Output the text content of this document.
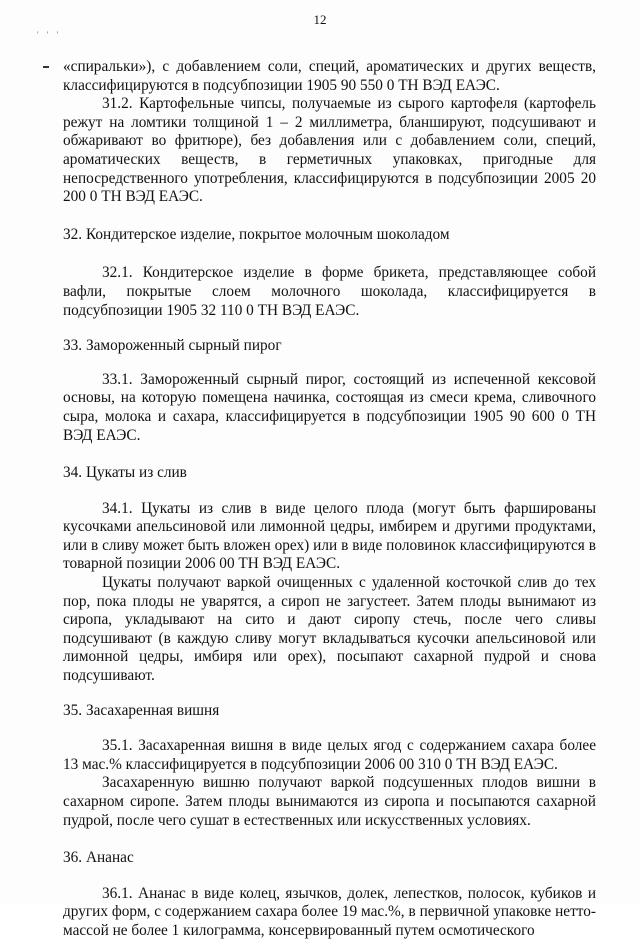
12
' ' '

«спиральки»), с добавлением соли, специй, ароматических и других веществ, классифицируются в подсубпозиции 1905 90 550 0 ТН ВЭД ЕАЭС.

31.2. Картофельные чипсы, получаемые из сырого картофеля (картофель режут на ломтики толщиной 1 – 2 миллиметра, бланшируют, подсушивают и обжаривают во фритюре), без добавления или с добавлением соли, специй, ароматических веществ, в герметичных упаковках, пригодные для непосредственного употребления, классифицируются в подсубпозиции 2005 20 200 0 ТН ВЭД ЕАЭС.

32. Кондитерское изделие, покрытое молочным шоколадом

32.1. Кондитерское изделие в форме брикета, представляющее собой вафли, покрытые слоем молочного шоколада, классифицируется в подсубпозиции 1905 32 110 0 ТН ВЭД ЕАЭС.

33. Замороженный сырный пирог

33.1. Замороженный сырный пирог, состоящий из испеченной кексовой основы, на которую помещена начинка, состоящая из смеси крема, сливочного сыра, молока и сахара, классифицируется в подсубпозиции 1905 90 600 0 ТН ВЭД ЕАЭС.

34. Цукаты из слив

34.1. Цукаты из слив в виде целого плода (могут быть фаршированы кусочками апельсиновой или лимонной цедры, имбирем и другими продуктами, или в сливу может быть вложен орех) или в виде половинок классифицируются в товарной позиции 2006 00 ТН ВЭД ЕАЭС.

Цукаты получают варкой очищенных с удаленной косточкой слив до тех пор, пока плоды не уварятся, а сироп не загустеет. Затем плоды вынимают из сиропа, укладывают на сито и дают сиропу стечь, после чего сливы подсушивают (в каждую сливу могут вкладываться кусочки апельсиновой или лимонной цедры, имбиря или орех), посыпают сахарной пудрой и снова подсушивают.

35. Засахаренная вишня

35.1. Засахаренная вишня в виде целых ягод с содержанием сахара более 13 мас.% классифицируется в подсубпозиции 2006 00 310 0 ТН ВЭД ЕАЭС.

Засахаренную вишню получают варкой подсушенных плодов вишни в сахарном сиропе. Затем плоды вынимаются из сиропа и посыпаются сахарной пудрой, после чего сушат в естественных или искусственных условиях.

36. Ананас

36.1. Ананас в виде колец, язычков, долек, лепестков, полосок, кубиков и других форм, с содержанием сахара более 19 мас.%, в первичной упаковке нетто-массой не более 1 килограмма, консервированный путем осмотического
